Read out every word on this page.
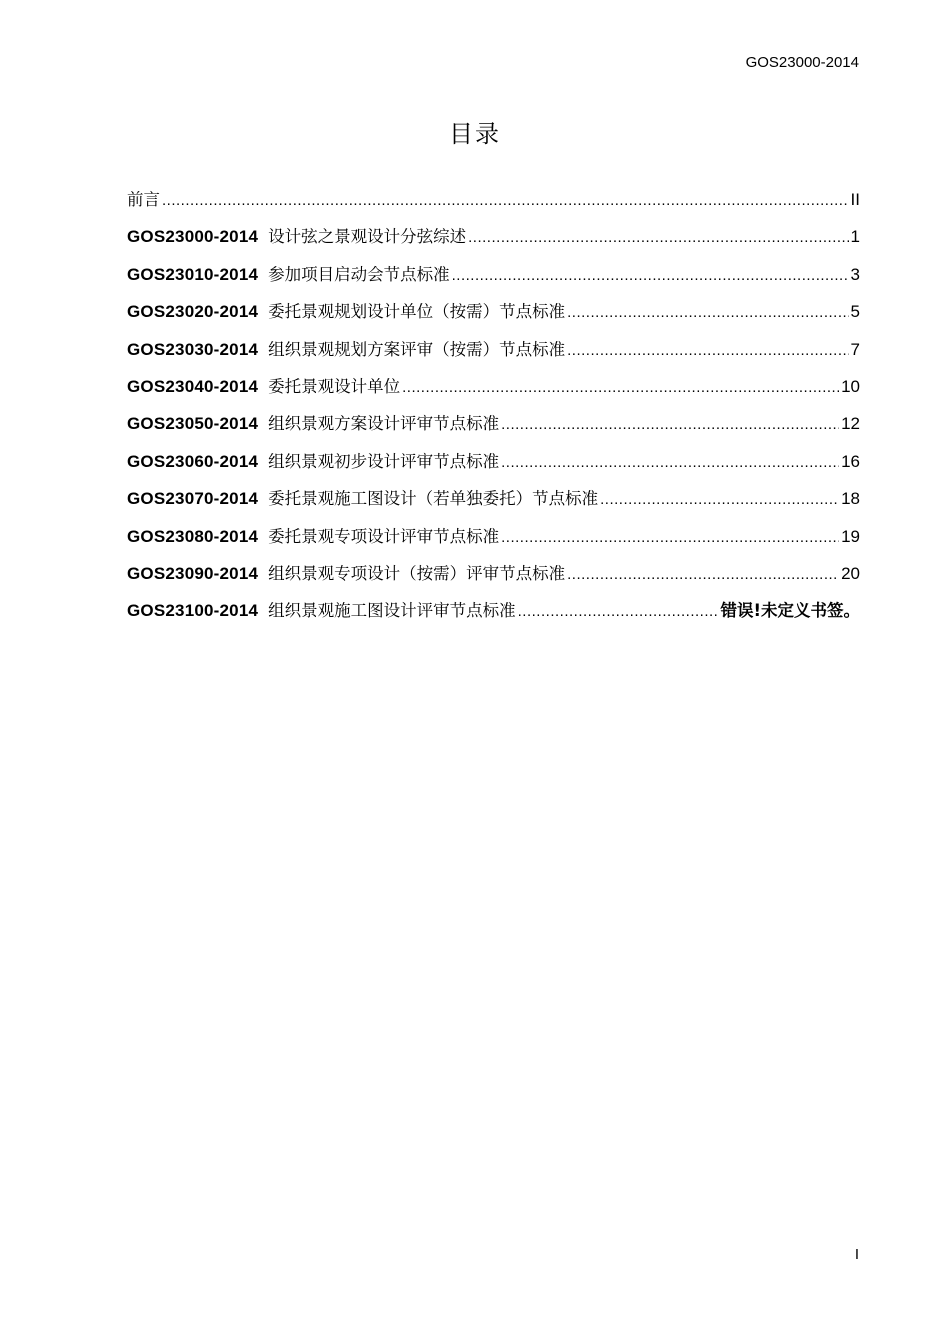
GOS23000-2014
目录
前言 .....	II
GOS23000-2014 设计弦之景观设计分弦综述 .....	1
GOS23010-2014 参加项目启动会节点标准 .....	3
GOS23020-2014 委托景观规划设计单位（按需）节点标准 .....	5
GOS23030-2014 组织景观规划方案评审（按需）节点标准 .....	7
GOS23040-2014 委托景观设计单位 .....	10
GOS23050-2014 组织景观方案设计评审节点标准 .....	12
GOS23060-2014 组织景观初步设计评审节点标准 .....	16
GOS23070-2014 委托景观施工图设计（若单独委托）节点标准 .....	18
GOS23080-2014 委托景观专项设计评审节点标准 .....	19
GOS23090-2014 组织景观专项设计（按需）评审节点标准 .....	20
GOS23100-2014 组织景观施工图设计评审节点标准 .....	错误!未定义书签。
I
